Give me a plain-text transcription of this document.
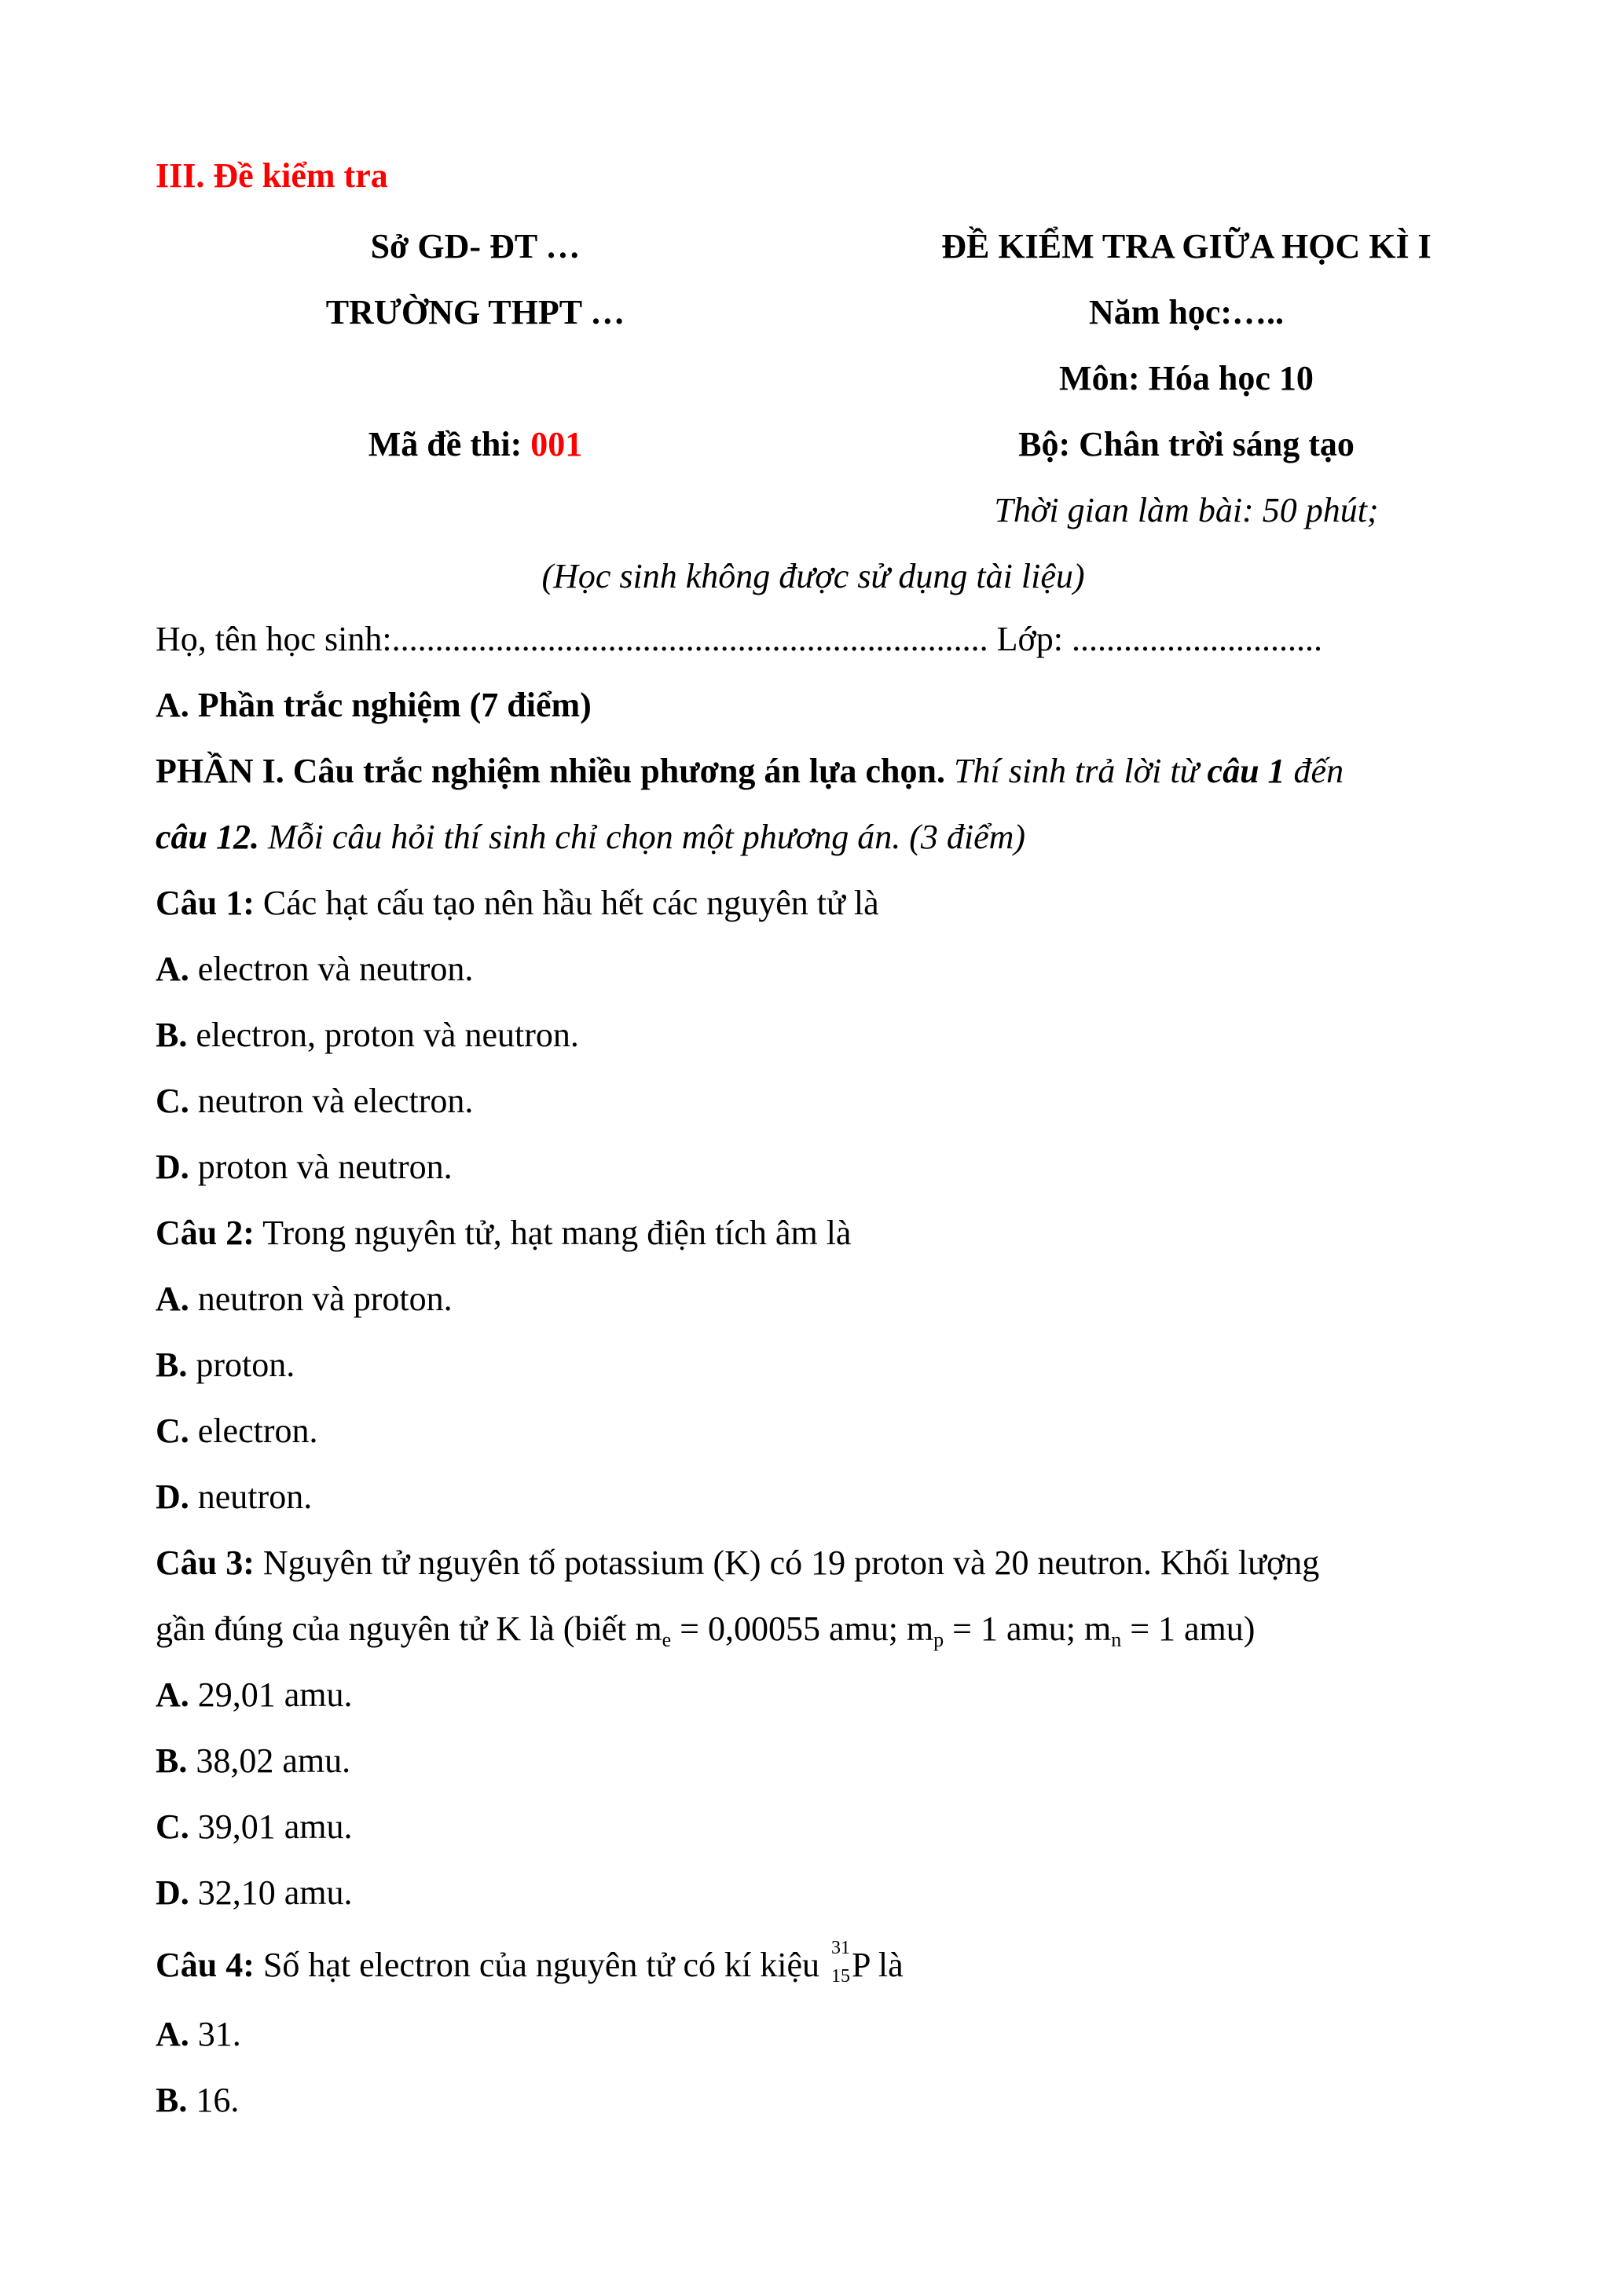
III. Đề kiểm tra
Sở GD- ĐT …
TRƯỜNG THPT …
Mã đề thi: 001
ĐỀ KIỂM TRA GIỮA HỌC KÌ I
Năm học:…..
Môn: Hóa học 10
Bộ: Chân trời sáng tạo
Thời gian làm bài: 50 phút;
(Học sinh không được sử dụng tài liệu)
Họ, tên học sinh:..................................................................... Lớp: .............................
A. Phần trắc nghiệm (7 điểm)
PHẦN I. Câu trắc nghiệm nhiều phương án lựa chọn. Thí sinh trả lời từ câu 1 đến
câu 12. Mỗi câu hỏi thí sinh chỉ chọn một phương án. (3 điểm)
Câu 1: Các hạt cấu tạo nên hầu hết các nguyên tử là
A. electron và neutron.
B. electron, proton và neutron.
C. neutron và electron.
D. proton và neutron.
Câu 2: Trong nguyên tử, hạt mang điện tích âm là
A. neutron và proton.
B. proton.
C. electron.
D. neutron.
Câu 3: Nguyên tử nguyên tố potassium (K) có 19 proton và 20 neutron. Khối lượng
gần đúng của nguyên tử K là (biết $m_e = 0,00055$ amu; $m_p = 1$ amu; $m_n = 1$ amu)
A. 29,01 amu.
B. 38,02 amu.
C. 39,01 amu.
D. 32,10 amu.
Câu 4: Số hạt electron của nguyên tử có kí kiệu 31
15 P là
A. 31.
B. 16.
